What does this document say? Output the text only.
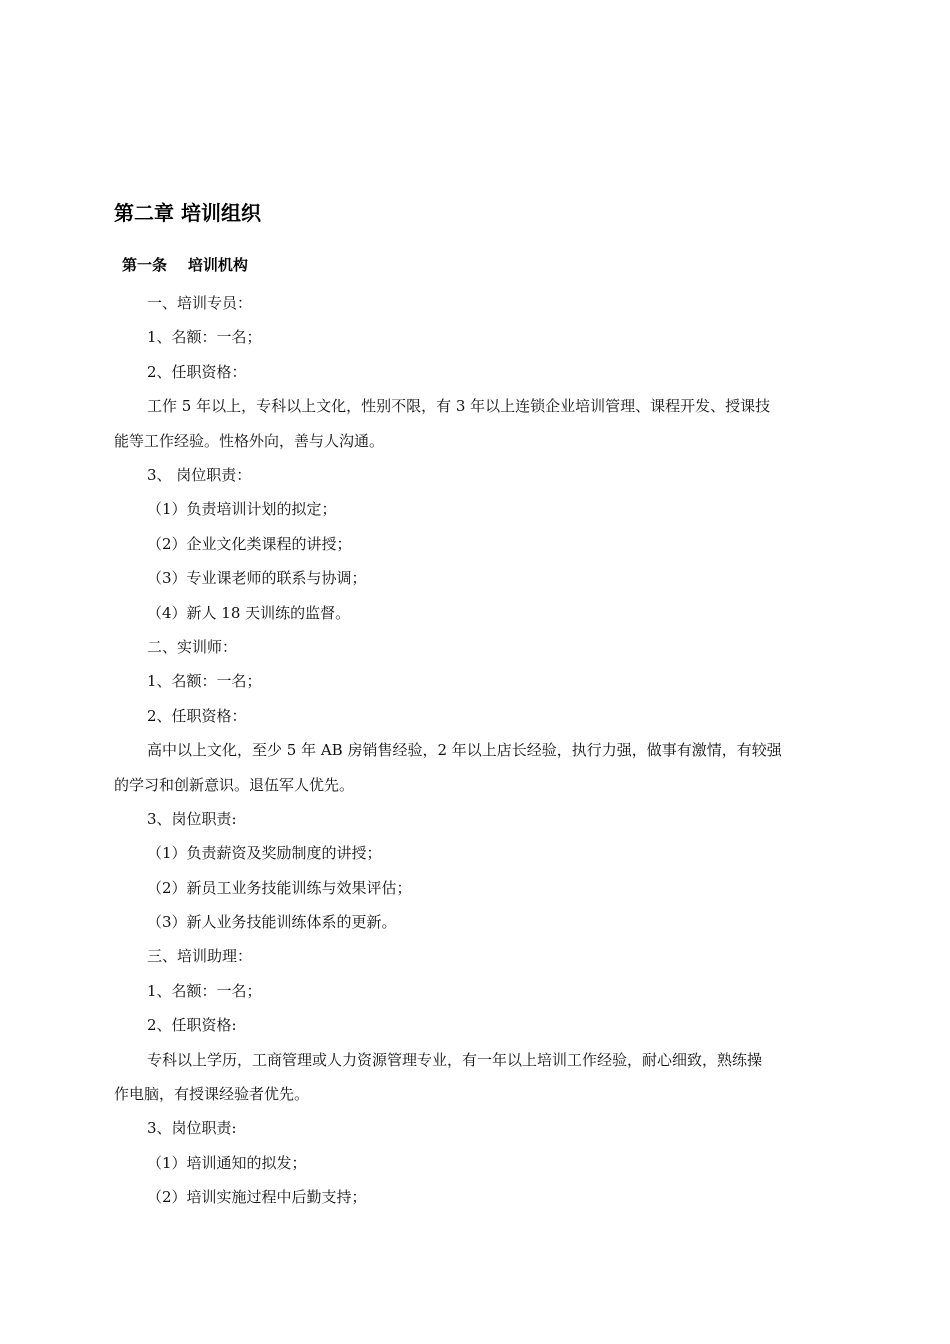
第二章 培训组织
第一条    培训机构
一、培训专员：
1、名额：一名；
2、任职资格：
工作 5 年以上，专科以上文化，性别不限，有 3 年以上连锁企业培训管理、课程开发、授课技
能等工作经验。性格外向，善与人沟通。
3、 岗位职责：
（1）负责培训计划的拟定；
（2）企业文化类课程的讲授；
（3）专业课老师的联系与协调；
（4）新人 18 天训练的监督。
二、实训师：
1、名额：一名；
2、任职资格：
高中以上文化，至少 5 年 AB 房销售经验，2 年以上店长经验，执行力强，做事有激情，有较强
的学习和创新意识。退伍军人优先。
3、岗位职责:
（1）负责薪资及奖励制度的讲授；
（2）新员工业务技能训练与效果评估；
（3）新人业务技能训练体系的更新。
三、培训助理：
1、名额：一名；
2、任职资格:
专科以上学历，工商管理或人力资源管理专业，有一年以上培训工作经验，耐心细致，熟练操
作电脑，有授课经验者优先。
3、岗位职责:
（1）培训通知的拟发；
（2）培训实施过程中后勤支持；
